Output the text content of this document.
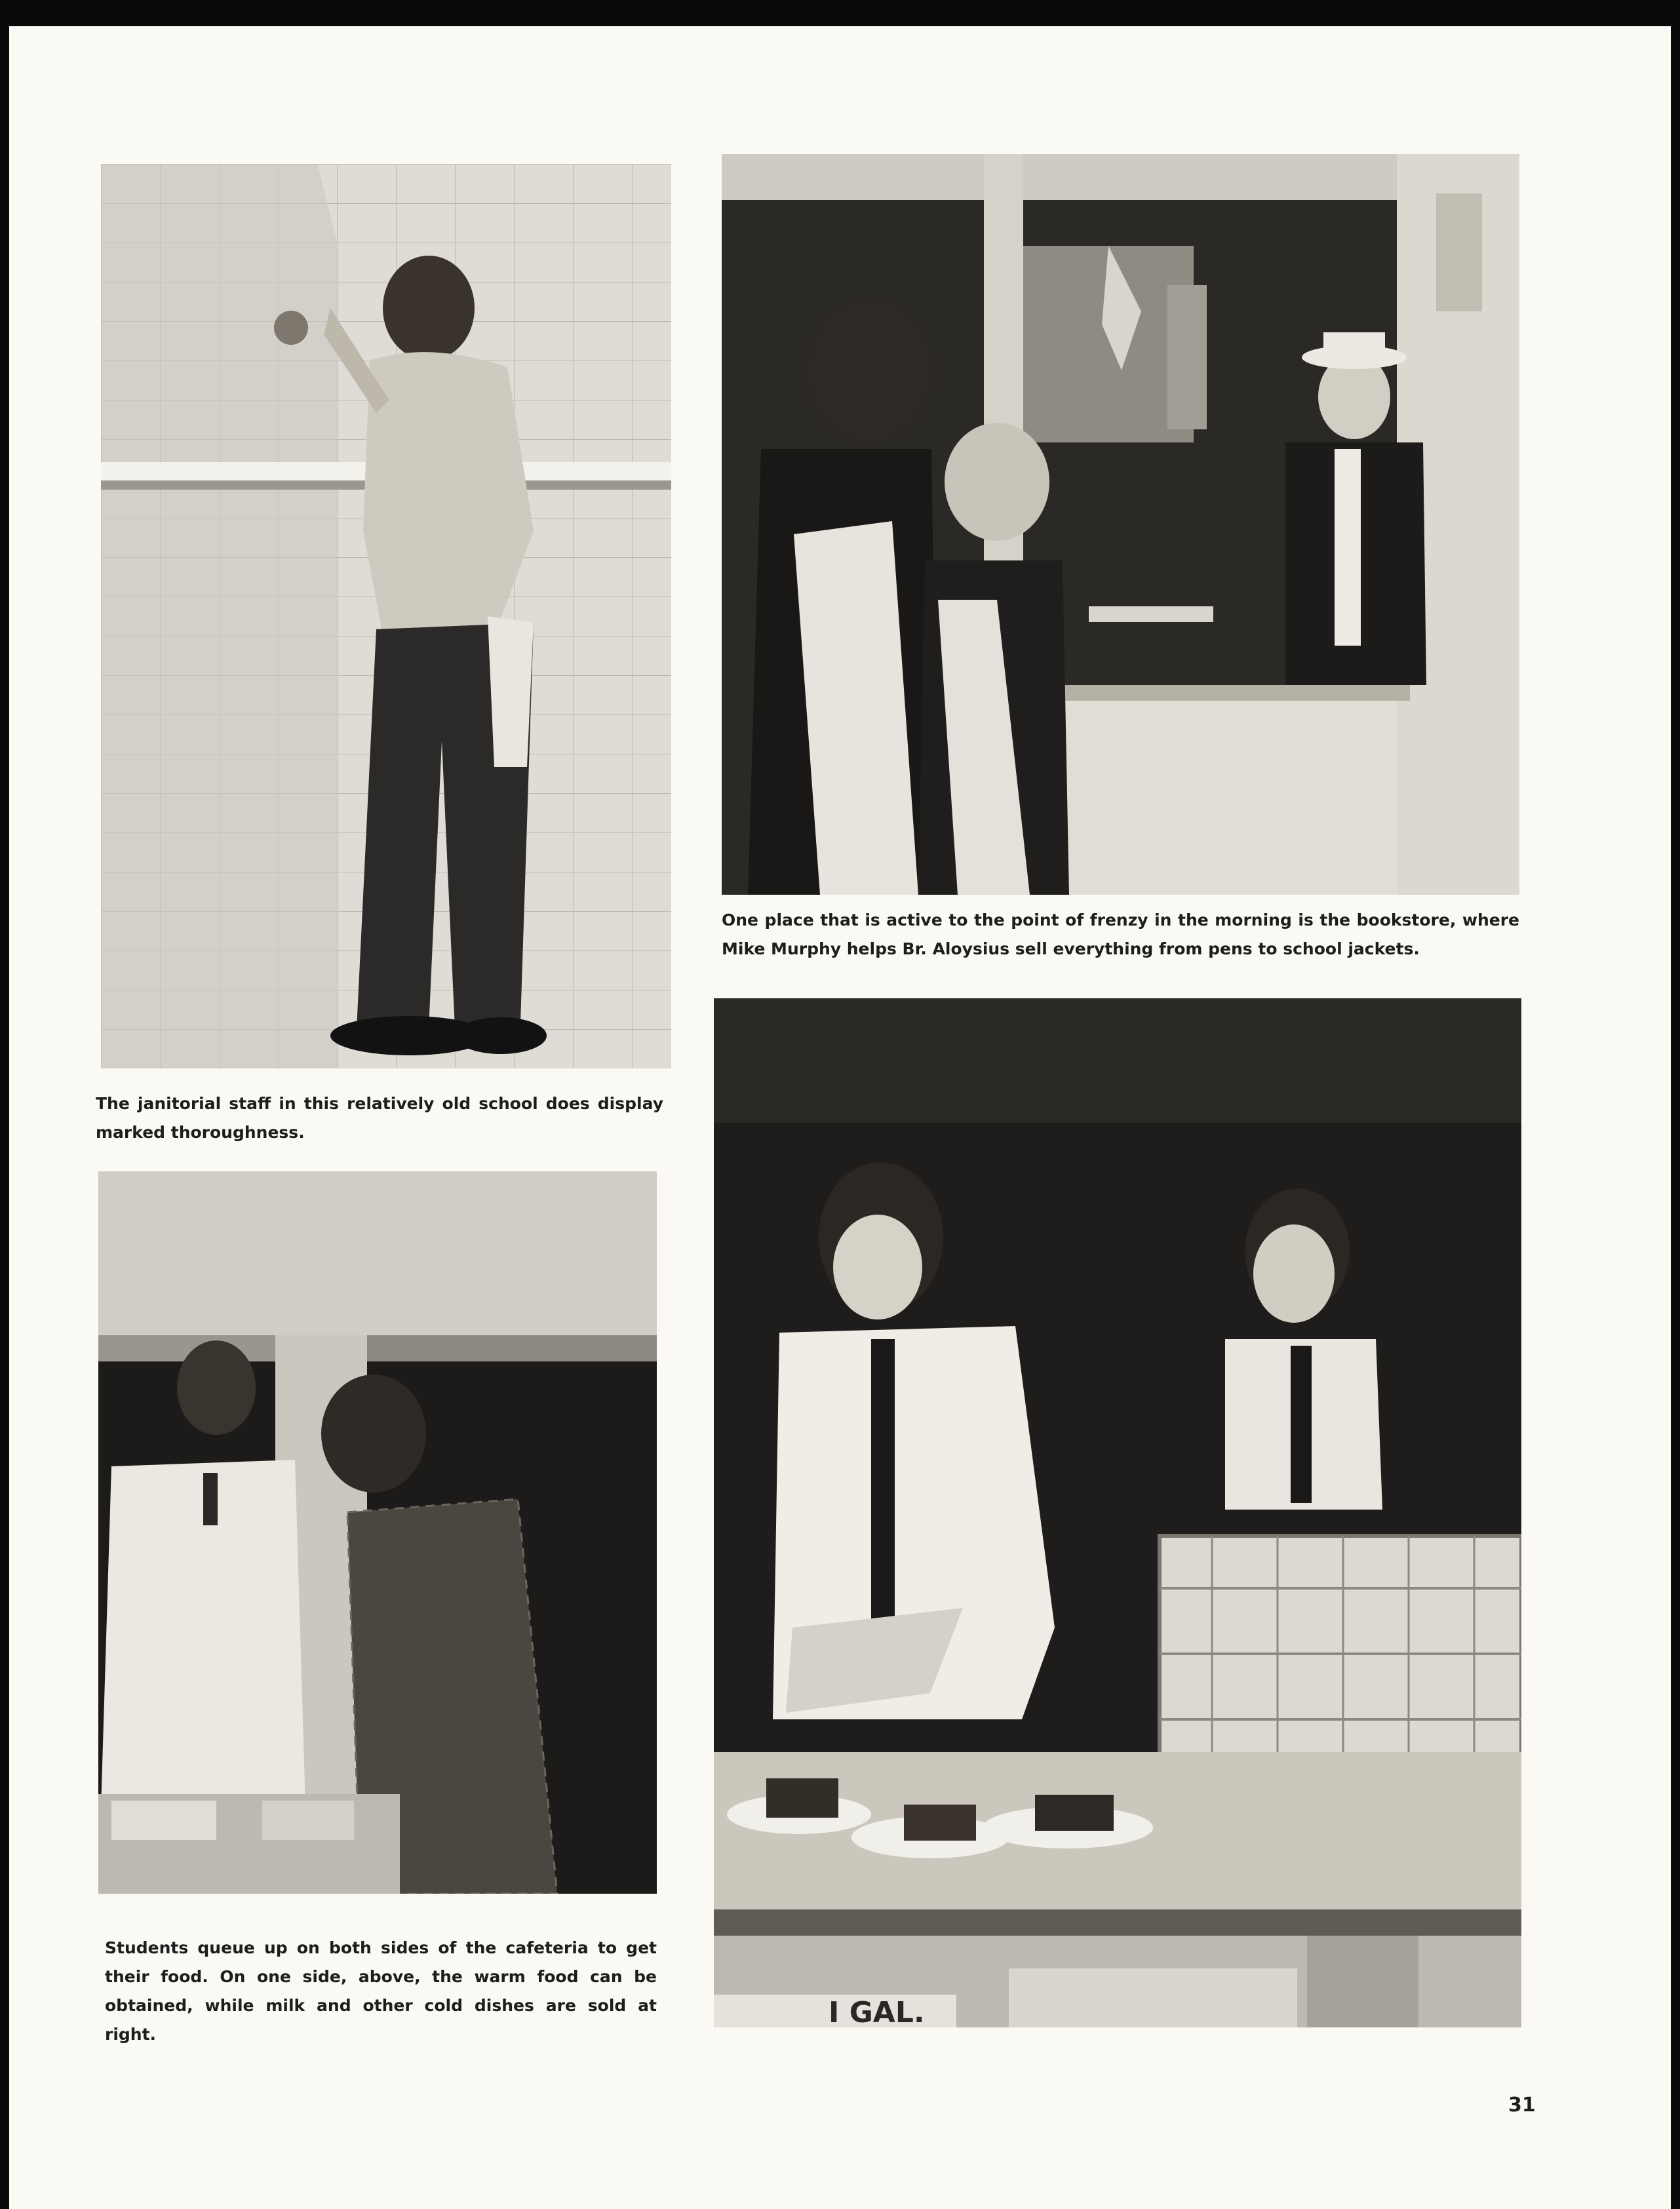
The janitorial staff in this relatively old school does display marked thoroughness.

One place that is active to the point of frenzy in the morning is the bookstore, where Mike Murphy helps Br. Aloysius sell everything from pens to school jackets.

Students queue up on both sides of the cafeteria to get their food. On one side, above, the warm food can be obtained, while milk and other cold dishes are sold at right.

I GAL.
31
